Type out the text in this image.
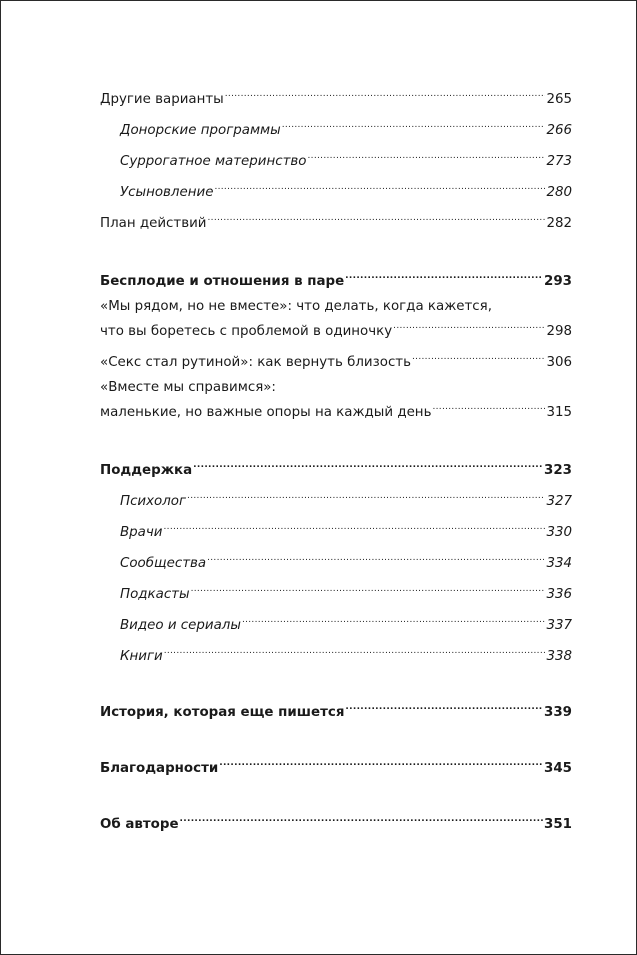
Другие варианты .....	265
Донорские программы .....	266
Суррогатное материнство .....	273
Усыновление .....	280
План действий .....	282
Бесплодие и отношения в паре .....	293
«Мы рядом, но не вместе»: что делать, когда кажется,
что вы боретесь с проблемой в одиночку .....	298
«Секс стал рутиной»: как вернуть близость .....	306
«Вместе мы справимся»:
маленькие, но важные опоры на каждый день .....	315
Поддержка .....	323
Психолог .....	327
Врачи .....	330
Сообщества .....	334
Подкасты .....	336
Видео и сериалы .....	337
Книги .....	338
История, которая еще пишется .....	339
Благодарности .....	345
Об авторе .....	351
